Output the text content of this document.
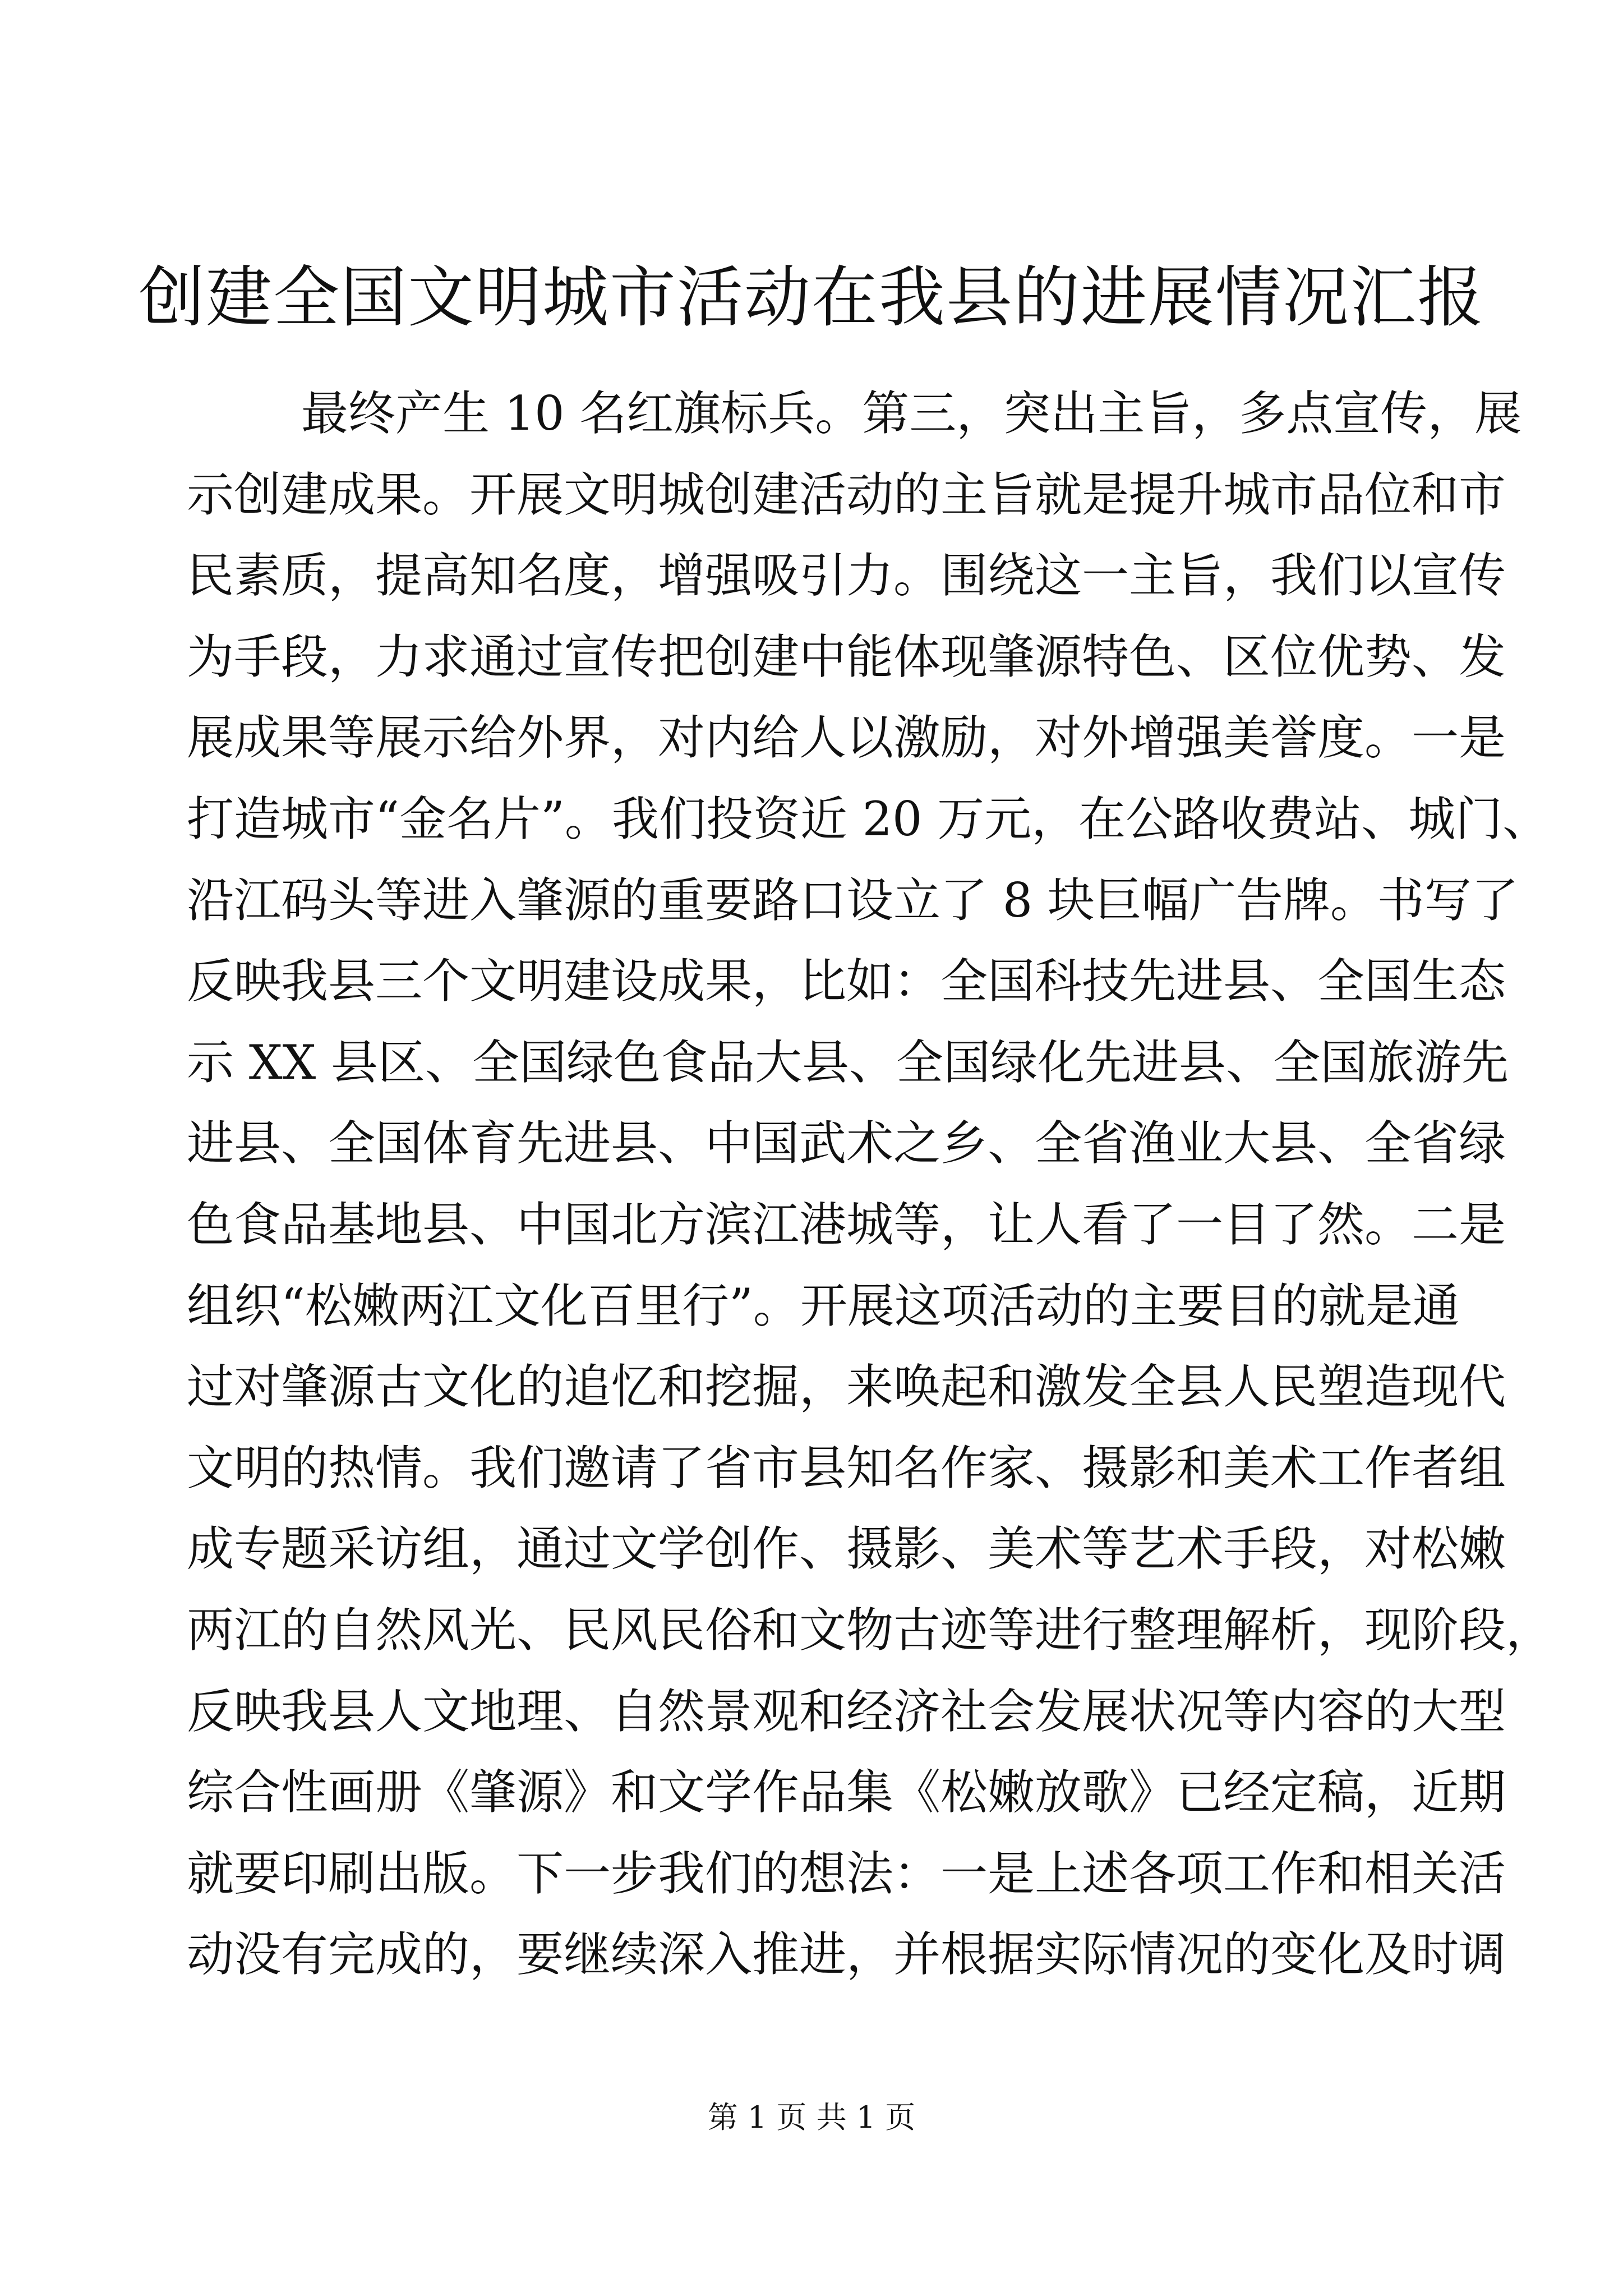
创建全国文明城市活动在我县的进展情况汇报

最终产生 10 名红旗标兵。第三，突出主旨，多点宣传，展

示创建成果。开展文明城创建活动的主旨就是提升城市品位和市

民素质，提高知名度，增强吸引力。围绕这一主旨，我们以宣传

为手段，力求通过宣传把创建中能体现肇源特色、区位优势、发

展成果等展示给外界，对内给人以激励，对外增强美誉度。一是

打造城市“金名片”。我们投资近 20 万元，在公路收费站、城门、

沿江码头等进入肇源的重要路口设立了 8 块巨幅广告牌。书写了

反映我县三个文明建设成果，比如：全国科技先进县、全国生态

示 XX 县区、全国绿色食品大县、全国绿化先进县、全国旅游先

进县、全国体育先进县、中国武术之乡、全省渔业大县、全省绿

色食品基地县、中国北方滨江港城等，让人看了一目了然。二是

组织“松嫩两江文化百里行”。开展这项活动的主要目的就是通

过对肇源古文化的追忆和挖掘，来唤起和激发全县人民塑造现代

文明的热情。我们邀请了省市县知名作家、摄影和美术工作者组

成专题采访组，通过文学创作、摄影、美术等艺术手段，对松嫩

两江的自然风光、民风民俗和文物古迹等进行整理解析，现阶段，

反映我县人文地理、自然景观和经济社会发展状况等内容的大型

综合性画册《肇源》和文学作品集《松嫩放歌》已经定稿，近期

就要印刷出版。下一步我们的想法：一是上述各项工作和相关活

动没有完成的，要继续深入推进，并根据实际情况的变化及时调

第 1 页 共 1 页
